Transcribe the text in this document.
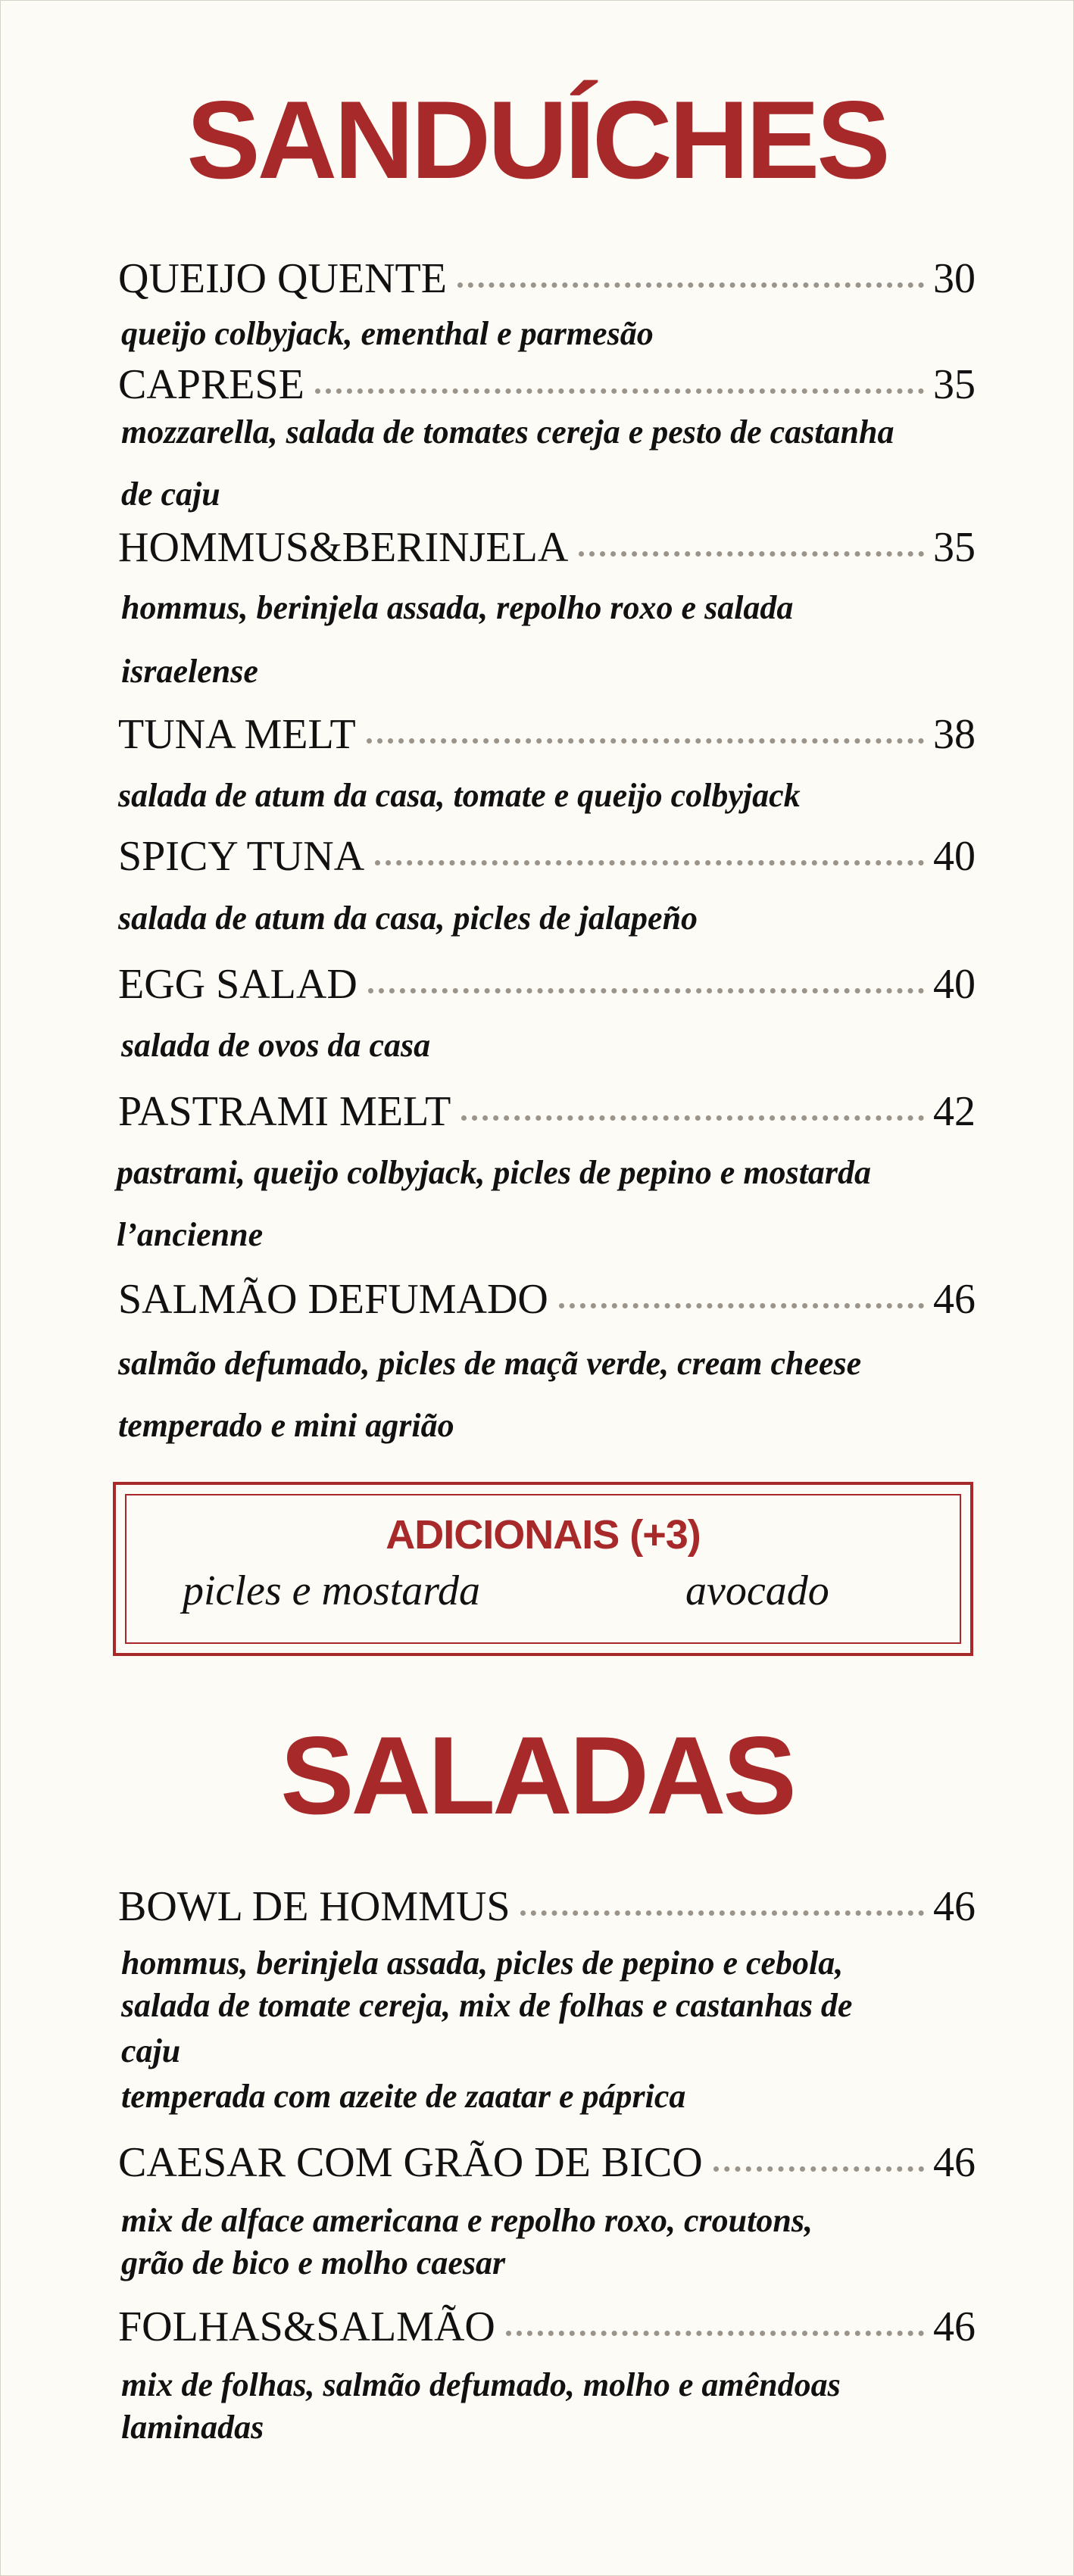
SANDUÍCHES
QUEIJO QUENTE	30
queijo colbyjack, ementhal e parmesão
CAPRESE	35
mozzarella, salada de tomates cereja e pesto de castanha
de caju
HOMMUS&BERINJELA	35
hommus, berinjela assada, repolho roxo e salada
israelense
TUNA MELT	38
salada de atum da casa, tomate e queijo colbyjack
SPICY TUNA	40
salada de atum da casa, picles de jalapeño
EGG SALAD	40
salada de ovos da casa
PASTRAMI MELT	42
pastrami, queijo colbyjack, picles de pepino e mostarda
l’ancienne
SALMÃO DEFUMADO	46
salmão defumado, picles de maçã verde, cream cheese
temperado e mini agrião
ADICIONAIS (+3)
picles e mostarda	avocado
SALADAS
BOWL DE HOMMUS	46
hommus, berinjela assada, picles de pepino e cebola,
salada de tomate cereja, mix de folhas e castanhas de
caju
temperada com azeite de zaatar e páprica
CAESAR COM GRÃO DE BICO	46
mix de alface americana e repolho roxo, croutons,
grão de bico e molho caesar
FOLHAS&SALMÃO	46
mix de folhas, salmão defumado, molho e amêndoas
laminadas
